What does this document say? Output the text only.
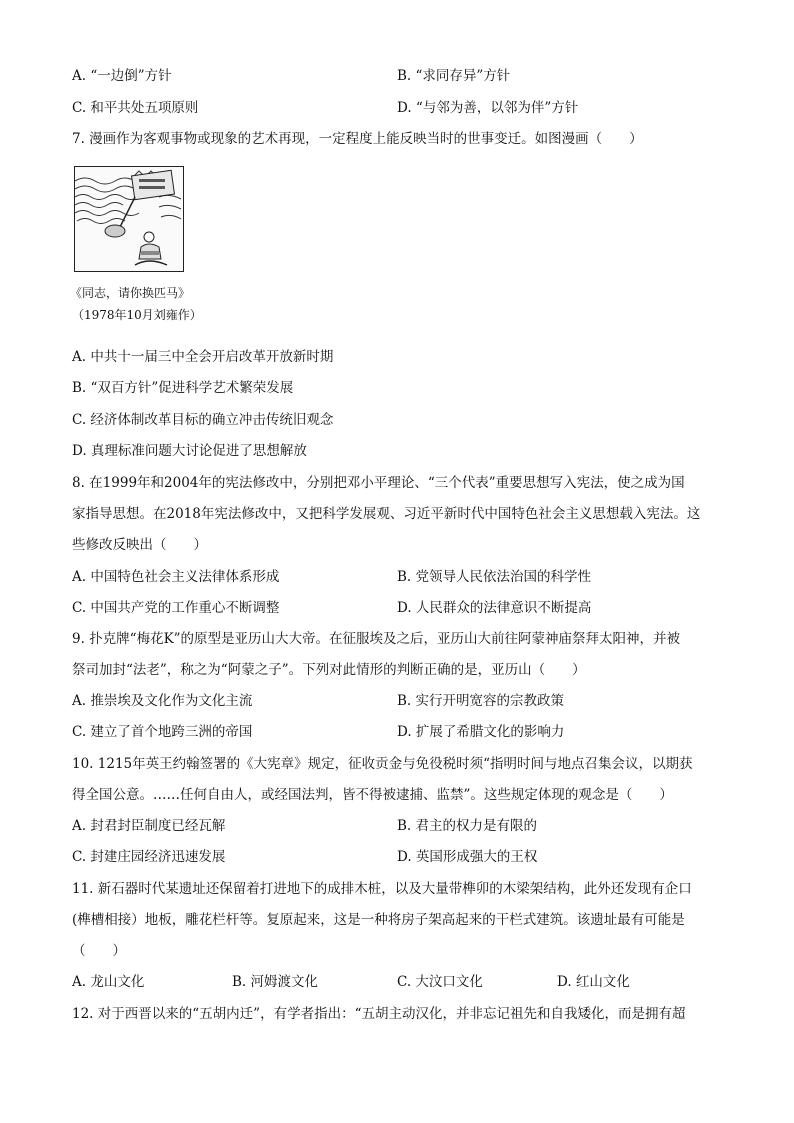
A. “一边倒”方针	B. “求同存异”方针
C. 和平共处五项原则	D. “与邻为善，以邻为伴”方针
7. 漫画作为客观事物或现象的艺术再现，一定程度上能反映当时的世事变迁。如图漫画（　　）
《同志，请你换匹马》
（1978年10月刘雍作）
A. 中共十一届三中全会开启改革开放新时期
B. “双百方针”促进科学艺术繁荣发展
C. 经济体制改革目标的确立冲击传统旧观念
D. 真理标准问题大讨论促进了思想解放
8. 在1999年和2004年的宪法修改中，分别把邓小平理论、“三个代表”重要思想写入宪法，使之成为国
家指导思想。在2018年宪法修改中，又把科学发展观、习近平新时代中国特色社会主义思想载入宪法。这
些修改反映出（　　）
A. 中国特色社会主义法律体系形成	B. 党领导人民依法治国的科学性
C. 中国共产党的工作重心不断调整	D. 人民群众的法律意识不断提高
9. 扑克牌“梅花K”的原型是亚历山大大帝。在征服埃及之后，亚历山大前往阿蒙神庙祭拜太阳神，并被
祭司加封“法老”，称之为“阿蒙之子”。下列对此情形的判断正确的是，亚历山（　　）
A. 推崇埃及文化作为文化主流	B. 实行开明宽容的宗教政策
C. 建立了首个地跨三洲的帝国	D. 扩展了希腊文化的影响力
10. 1215年英王约翰签署的《大宪章》规定，征收贡金与免役税时须“指明时间与地点召集会议，以期获
得全国公意。……任何自由人，或经国法判，皆不得被逮捕、监禁”。这些规定体现的观念是（　　）
A. 封君封臣制度已经瓦解	B. 君主的权力是有限的
C. 封建庄园经济迅速发展	D. 英国形成强大的王权
11. 新石器时代某遗址还保留着打进地下的成排木桩，以及大量带榫卯的木梁架结构，此外还发现有企口
(榫槽相接）地板，雕花栏杆等。复原起来，这是一种将房子架高起来的干栏式建筑。该遗址最有可能是
（　　）
A. 龙山文化	B. 河姆渡文化	C. 大汶口文化	D. 红山文化
12. 对于西晋以来的“五胡内迁”，有学者指出：“五胡主动汉化，并非忘记祖先和自我矮化，而是拥有超
